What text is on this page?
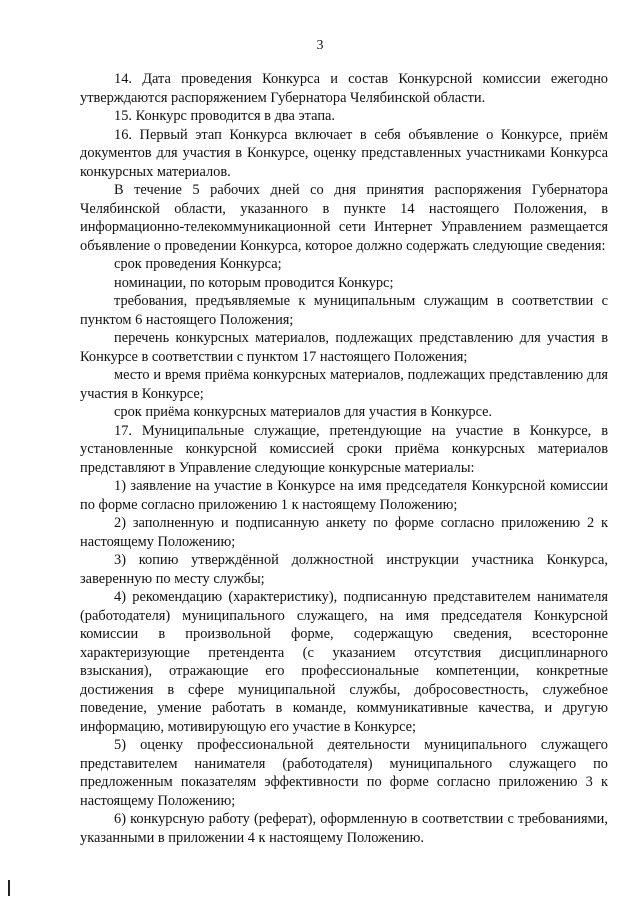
3

14. Дата проведения Конкурса и состав Конкурсной комиссии ежегодно утверждаются распоряжением Губернатора Челябинской области.

15. Конкурс проводится в два этапа.

16. Первый этап Конкурса включает в себя объявление о Конкурсе, приём документов для участия в Конкурсе, оценку представленных участниками Конкурса конкурсных материалов.

В течение 5 рабочих дней со дня принятия распоряжения Губернатора Челябинской области, указанного в пункте 14 настоящего Положения, в информационно-телекоммуникационной сети Интернет Управлением размещается объявление о проведении Конкурса, которое должно содержать следующие сведения:

срок проведения Конкурса;

номинации, по которым проводится Конкурс;

требования, предъявляемые к муниципальным служащим в соответствии с пунктом 6 настоящего Положения;

перечень конкурсных материалов, подлежащих представлению для участия в Конкурсе в соответствии с пунктом 17 настоящего Положения;

место и время приёма конкурсных материалов, подлежащих представлению для участия в Конкурсе;

срок приёма конкурсных материалов для участия в Конкурсе.

17. Муниципальные служащие, претендующие на участие в Конкурсе, в установленные конкурсной комиссией сроки приёма конкурсных материалов представляют в Управление следующие конкурсные материалы:

1) заявление на участие в Конкурсе на имя председателя Конкурсной комиссии по форме согласно приложению 1 к настоящему Положению;

2) заполненную и подписанную анкету по форме согласно приложению 2 к настоящему Положению;

3) копию утверждённой должностной инструкции участника Конкурса, заверенную по месту службы;

4) рекомендацию (характеристику), подписанную представителем нанимателя (работодателя) муниципального служащего, на имя председателя Конкурсной комиссии в произвольной форме, содержащую сведения, всесторонне характеризующие претендента (с указанием отсутствия дисциплинарного взыскания), отражающие его профессиональные компетенции, конкретные достижения в сфере муниципальной службы, добросовестность, служебное поведение, умение работать в команде, коммуникативные качества, и другую информацию, мотивирующую его участие в Конкурсе;

5) оценку профессиональной деятельности муниципального служащего представителем нанимателя (работодателя) муниципального служащего по предложенным показателям эффективности по форме согласно приложению 3 к настоящему Положению;

6) конкурсную работу (реферат), оформленную в соответствии с требованиями, указанными в приложении 4 к настоящему Положению.
